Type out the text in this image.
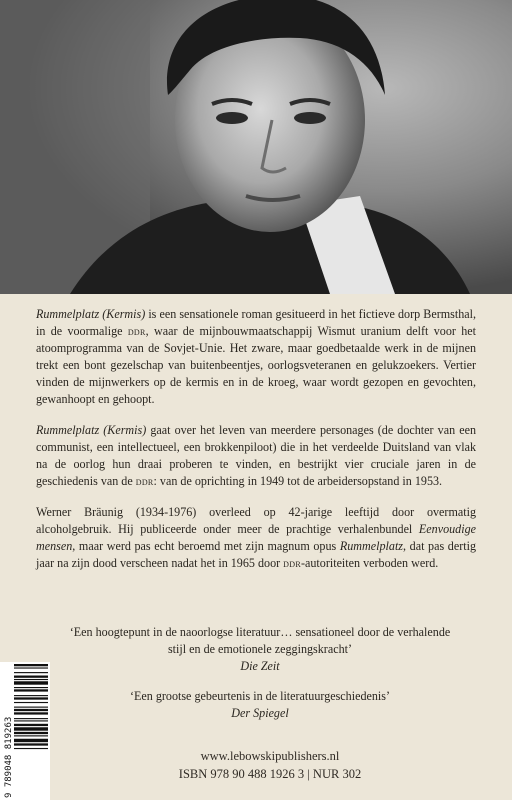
Rummelplatz (Kermis) is een sensationele roman gesitueerd in het fictieve dorp Bermsthal, in de voormalige ddr, waar de mijnbouwmaatschappij Wismut uranium delft voor het atoomprogramma van de Sovjet-Unie. Het zware, maar goedbetaalde werk in de mijnen trekt een bont gezelschap van buitenbeentjes, oorlogsveteranen en gelukzoekers. Vertier vinden de mijnwerkers op de kermis en in de kroeg, waar wordt gezopen en gevochten, gewanhoopt en gehoopt.

Rummelplatz (Kermis) gaat over het leven van meerdere personages (de dochter van een communist, een intellectueel, een brokkenpiloot) die in het verdeelde Duitsland van vlak na de oorlog hun draai proberen te vinden, en bestrijkt vier cruciale jaren in de geschiedenis van de ddr: van de oprichting in 1949 tot de arbeidersopstand in 1953.

Werner Bräunig (1934-1976) overleed op 42-jarige leeftijd door overmatig alcoholgebruik. Hij publiceerde onder meer de prachtige verhalenbundel Eenvoudige mensen, maar werd pas echt beroemd met zijn magnum opus Rummelplatz, dat pas dertig jaar na zijn dood verscheen nadat het in 1965 door ddr-autoriteiten verboden werd.

‘Een hoogtepunt in de naoorlogse literatuur… sensationeel door de verhalende stijl en de emotionele zeggingskracht’
Die Zeit
‘Een grootse gebeurtenis in de literatuurgeschiedenis’
Der Spiegel
www.lebowskipublishers.nl
ISBN 978 90 488 1926 3 | NUR 302
9 789048 819263
